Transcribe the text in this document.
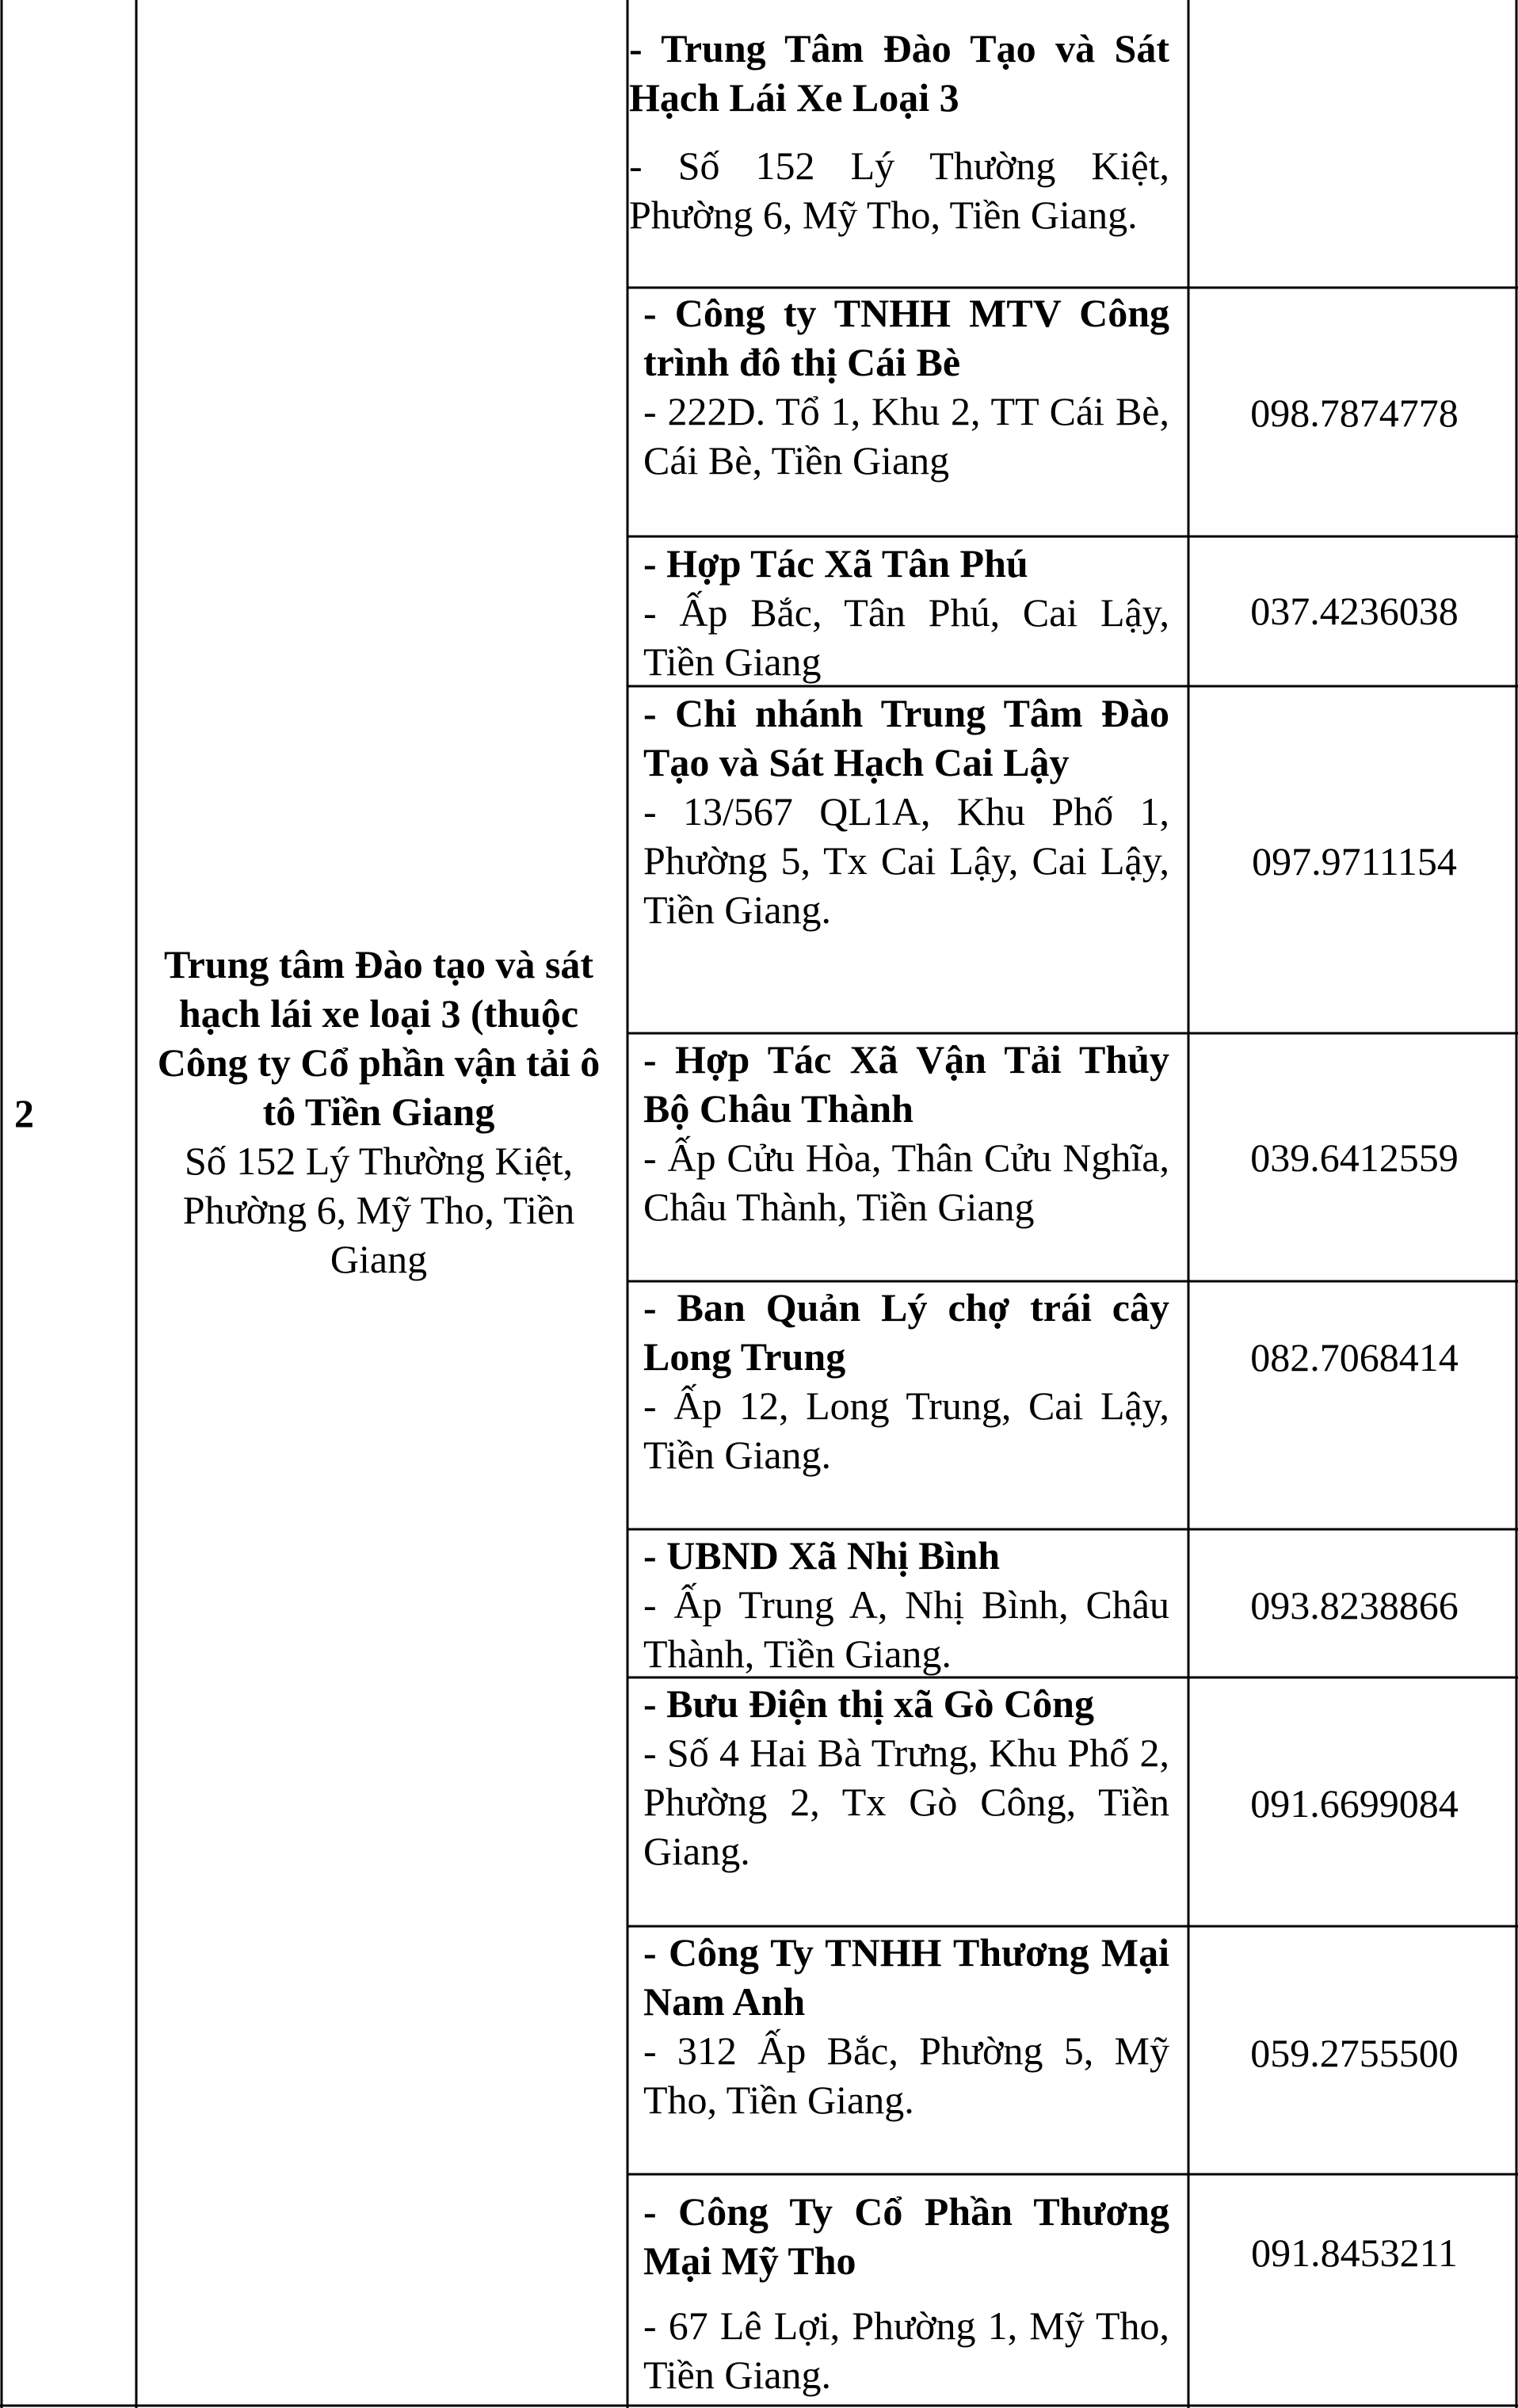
2
Trung tâm Đào tạo và sát hạch lái xe loại 3 (thuộc Công ty Cổ phần vận tải ô tô Tiền Giang
Số 152 Lý Thường Kiệt, Phường 6, Mỹ Tho, Tiền Giang
- Trung Tâm Đào Tạo và Sát Hạch Lái Xe Loại 3
- Số 152 Lý Thường Kiệt, Phường 6, Mỹ Tho, Tiền Giang.
- Công ty TNHH MTV Công trình đô thị Cái Bè
- 222D. Tổ 1, Khu 2, TT Cái Bè, Cái Bè, Tiền Giang
098.7874778
- Hợp Tác Xã Tân Phú
- Ấp Bắc, Tân Phú, Cai Lậy, Tiền Giang
037.4236038
- Chi nhánh Trung Tâm Đào Tạo và Sát Hạch Cai Lậy
- 13/567 QL1A, Khu Phố 1, Phường 5, Tx Cai Lậy, Cai Lậy, Tiền Giang.
097.9711154
- Hợp Tác Xã Vận Tải Thủy Bộ Châu Thành
- Ấp Cửu Hòa, Thân Cửu Nghĩa, Châu Thành, Tiền Giang
039.6412559
- Ban Quản Lý chợ trái cây Long Trung
- Ấp 12, Long Trung, Cai Lậy, Tiền Giang.
082.7068414
- UBND Xã Nhị Bình
- Ấp Trung A, Nhị Bình, Châu Thành, Tiền Giang.
093.8238866
- Bưu Điện thị xã Gò Công
- Số 4 Hai Bà Trưng, Khu Phố 2, Phường 2, Tx Gò Công, Tiền Giang.
091.6699084
- Công Ty TNHH Thương Mại Nam Anh
- 312 Ấp Bắc, Phường 5, Mỹ Tho, Tiền Giang.
059.2755500
- Công Ty Cổ Phần Thương Mại Mỹ Tho
- 67 Lê Lợi, Phường 1, Mỹ Tho, Tiền Giang.
091.8453211
